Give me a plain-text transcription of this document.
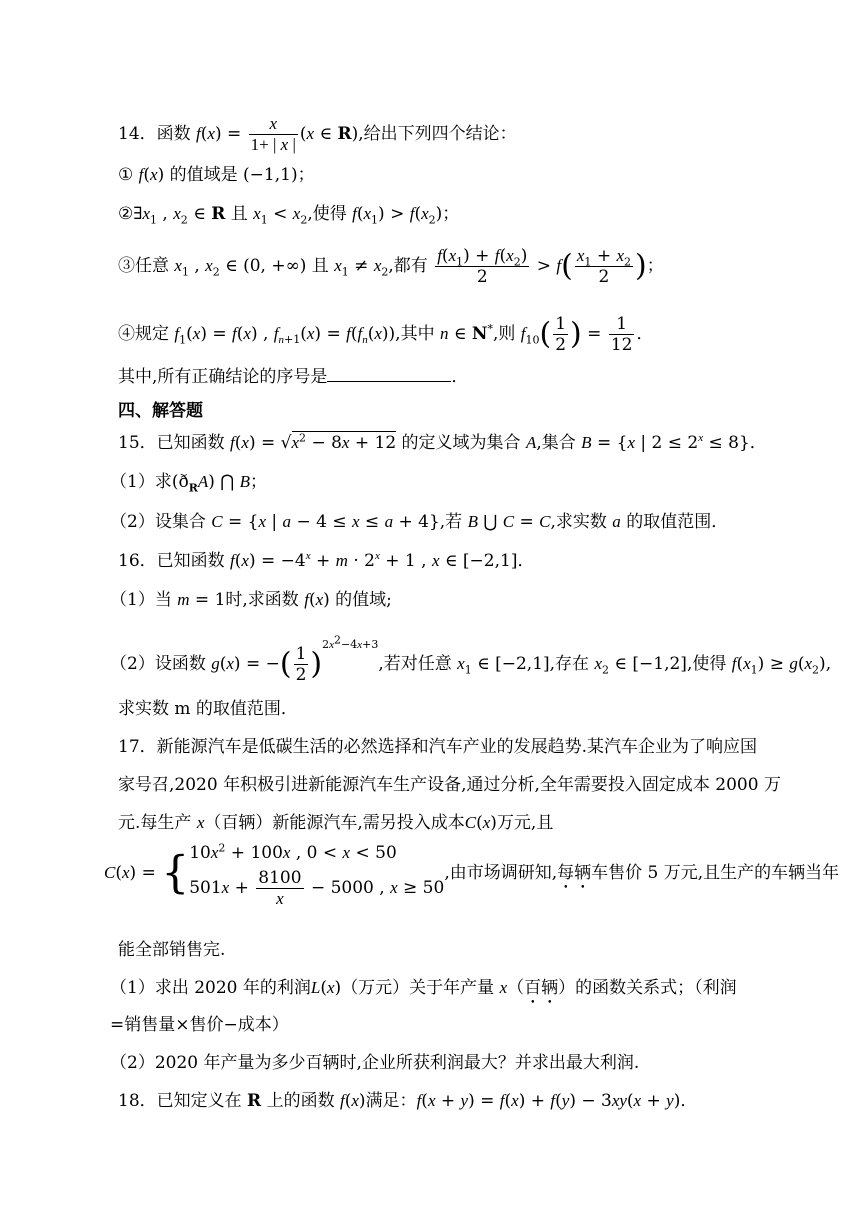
14．函数 $f(x) = \frac{x}{1+ | x |} (x$ ∈ R),给出下列四个结论：
① f(x) 的值域是 (−1,1)；
$②\exists x_1$ , $x_2$ ∈ R 且 $x_1 < x_2$,使得 $f(x_1) > f(x_2)$；
③任意 $x_1$ , $x_2$ ∈ (0, +∞) 且 $x_1 \ne x_2$,都有 $\frac{f(x_1) + f(x_2)}{2} > f( \frac{x_1 + x_2}{2}$ )；
④规定 $f_1(x) = f(x)$ , $f_{n+1}(x) = f(f_n(x))$,其中 n ∈ N*,则 $f_{10}( \frac{1}{2}$ ) = $\frac{1}{12}$ ．
其中,所有正确结论的序号是	．
四、解答题
15．已知函数 $f(x) = √x^2 - 8x + 12$ 的定义域为集合 A,集合 B = {x | $2 \le 2^x \le 8$}．
（1）求$(ð_RA)$ ⋂ B；
（2）设集合 C = {x | a − 4 ≤ x ≤ a + 4},若 B ⋃ C = C,求实数 a 的取值范围．
16．已知函数 $f(x) = -4^x + m \cdot 2^x + 1$ , x ∈ [−2,1]．
（1）当 m = 1时,求函数 f(x) 的值域;
（2）设函数 g(x) = −( $\frac{1}{2} )^{2x^2-4x+3}$,若对任意 $x_1$ ∈ [−2,1],存在 $x_2$ ∈ [−1,2],使得 $f(x_1) \ge g(x_2)$,
求实数 m 的取值范围．
17．新能源汽车是低碳生活的必然选择和汽车产业的发展趋势.某汽车企业为了响应国
家号召,2020 年积极引进新能源汽车生产设备,通过分析,全年需要投入固定成本 2000 万
元.每生产 x（百辆）新能源汽车,需另投入成本C(x)万元,且
C(x) = { $10x^2 + 100x$ , 0 < x < 50
$501x + \frac{8100}{x} - 5000$ , x ≥ 50
,由市场调研知,每辆车售价 5 万元,且生产的车辆当年
能全部销售完.
（1）求出 2020 年的利润L(x)（万元）关于年产量 x（百辆）的函数关系式；（利润
=销售量×售价−成本）
（2）2020 年产量为多少百辆时,企业所获利润最大？并求出最大利润.
18．已知定义在 R 上的函数 f(x)满足：f(x + y) = f(x) + f(y) − 3xy(x + y)．
